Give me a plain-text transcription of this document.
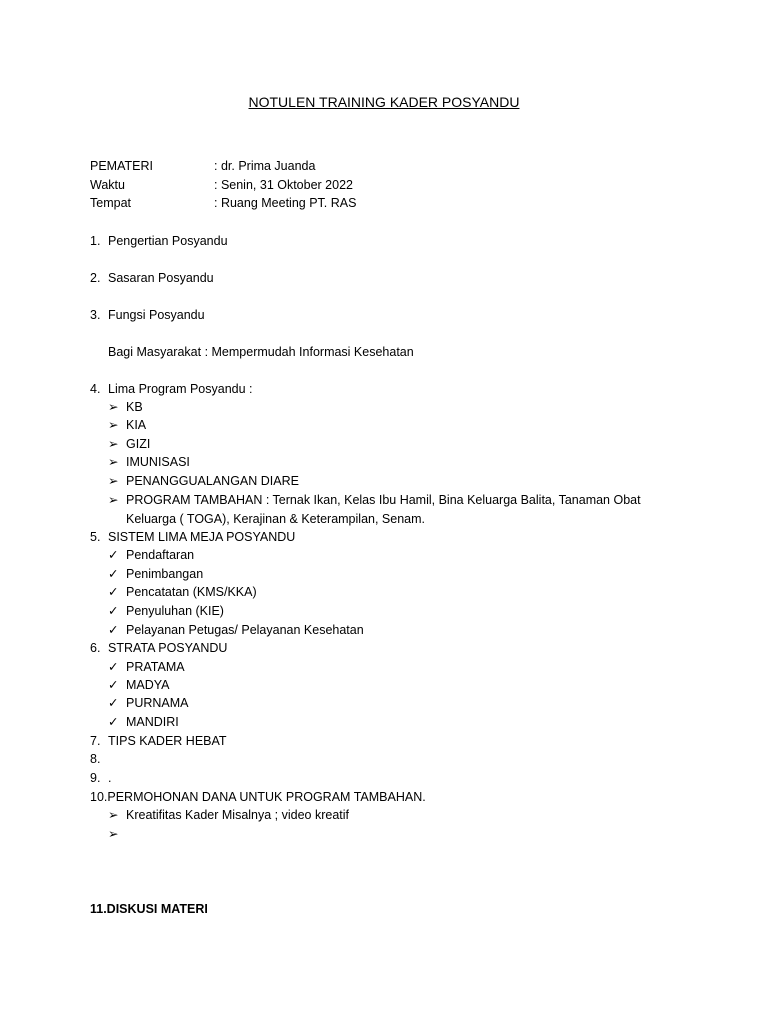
NOTULEN TRAINING KADER POSYANDU
PEMATERI	: dr. Prima Juanda
Waktu	: Senin, 31 Oktober 2022
Tempat	: Ruang Meeting PT. RAS
1. Pengertian Posyandu
2. Sasaran Posyandu
3. Fungsi Posyandu
Bagi Masyarakat : Mempermudah Informasi Kesehatan
4. Lima Program Posyandu :
➢ KB
➢ KIA
➢ GIZI
➢ IMUNISASI
➢ PENANGGUALANGAN DIARE
➢ PROGRAM TAMBAHAN : Ternak Ikan, Kelas Ibu Hamil, Bina Keluarga Balita, Tanaman Obat
Keluarga ( TOGA), Kerajinan & Keterampilan, Senam.
5. SISTEM LIMA MEJA POSYANDU
✓ Pendaftaran
✓ Penimbangan
✓ Pencatatan (KMS/KKA)
✓ Penyuluhan (KIE)
✓ Pelayanan Petugas/ Pelayanan Kesehatan
6. STRATA POSYANDU
✓ PRATAMA
✓ MADYA
✓ PURNAMA
✓ MANDIRI
7. TIPS KADER HEBAT
8.
9. .
10.PERMOHONAN DANA UNTUK PROGRAM TAMBAHAN.
➢ Kreatifitas Kader Misalnya ; video kreatif
➢
11.DISKUSI MATERI
